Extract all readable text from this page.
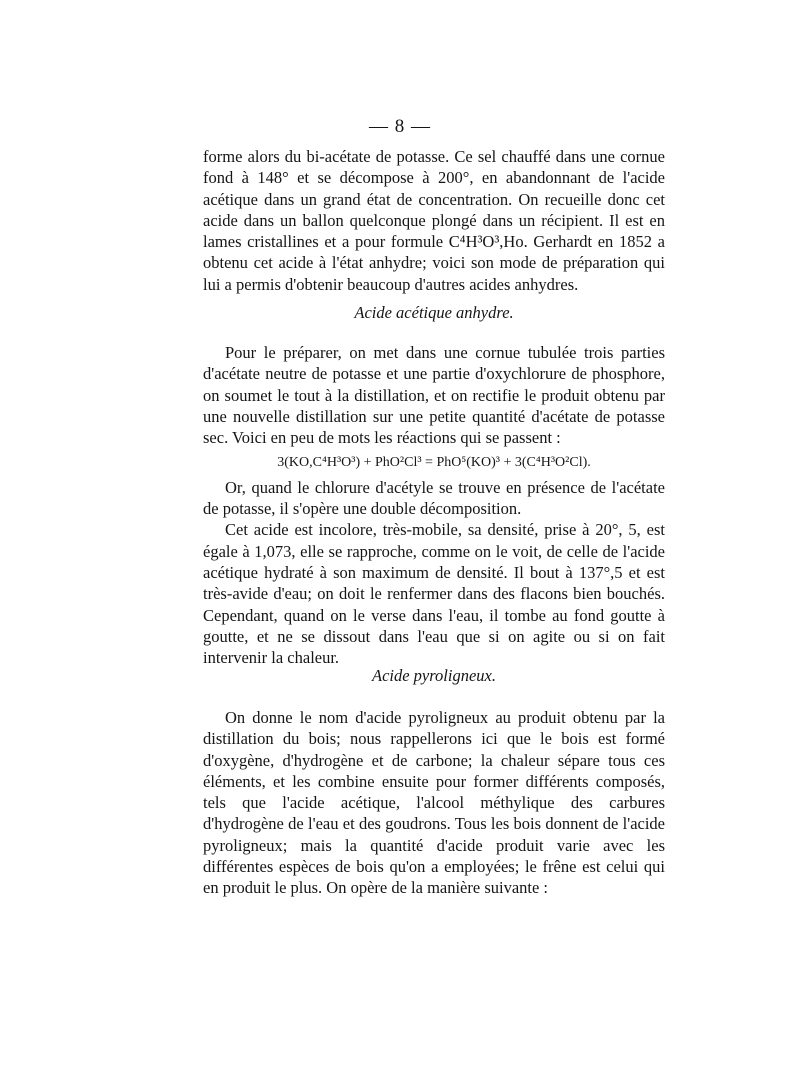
— 8 —

forme alors du bi-acétate de potasse. Ce sel chauffé dans une cornue fond à 148° et se décompose à 200°, en abandonnant de l'acide acétique dans un grand état de concentration. On recueille donc cet acide dans un ballon quelconque plongé dans un récipient. Il est en lames cristallines et a pour formule C⁴H³O³,Ho. Gerhardt en 1852 a obtenu cet acide à l'état anhydre; voici son mode de préparation qui lui a permis d'obtenir beaucoup d'autres acides anhydres.

Acide acétique anhydre.

Pour le préparer, on met dans une cornue tubulée trois parties d'acétate neutre de potasse et une partie d'oxychlorure de phosphore, on soumet le tout à la distillation, et on rectifie le produit obtenu par une nouvelle distillation sur une petite quantité d'acétate de potasse sec. Voici en peu de mots les réactions qui se passent :

3(KO,C⁴H³O³) + PhO²Cl³ = PhO⁵(KO)³ + 3(C⁴H³O²Cl).

Or, quand le chlorure d'acétyle se trouve en présence de l'acétate de potasse, il s'opère une double décomposition.

Cet acide est incolore, très-mobile, sa densité, prise à 20°, 5, est égale à 1,073, elle se rapproche, comme on le voit, de celle de l'acide acétique hydraté à son maximum de densité. Il bout à 137°,5 et est très-avide d'eau; on doit le renfermer dans des flacons bien bouchés. Cependant, quand on le verse dans l'eau, il tombe au fond goutte à goutte, et ne se dissout dans l'eau que si on agite ou si on fait intervenir la chaleur.

Acide pyroligneux.

On donne le nom d'acide pyroligneux au produit obtenu par la distillation du bois; nous rappellerons ici que le bois est formé d'oxygène, d'hydrogène et de carbone; la chaleur sépare tous ces éléments, et les combine ensuite pour former différents composés, tels que l'acide acétique, l'alcool méthylique des carbures d'hydrogène de l'eau et des goudrons. Tous les bois donnent de l'acide pyroligneux; mais la quantité d'acide produit varie avec les différentes espèces de bois qu'on a employées; le frêne est celui qui en produit le plus. On opère de la manière suivante :
